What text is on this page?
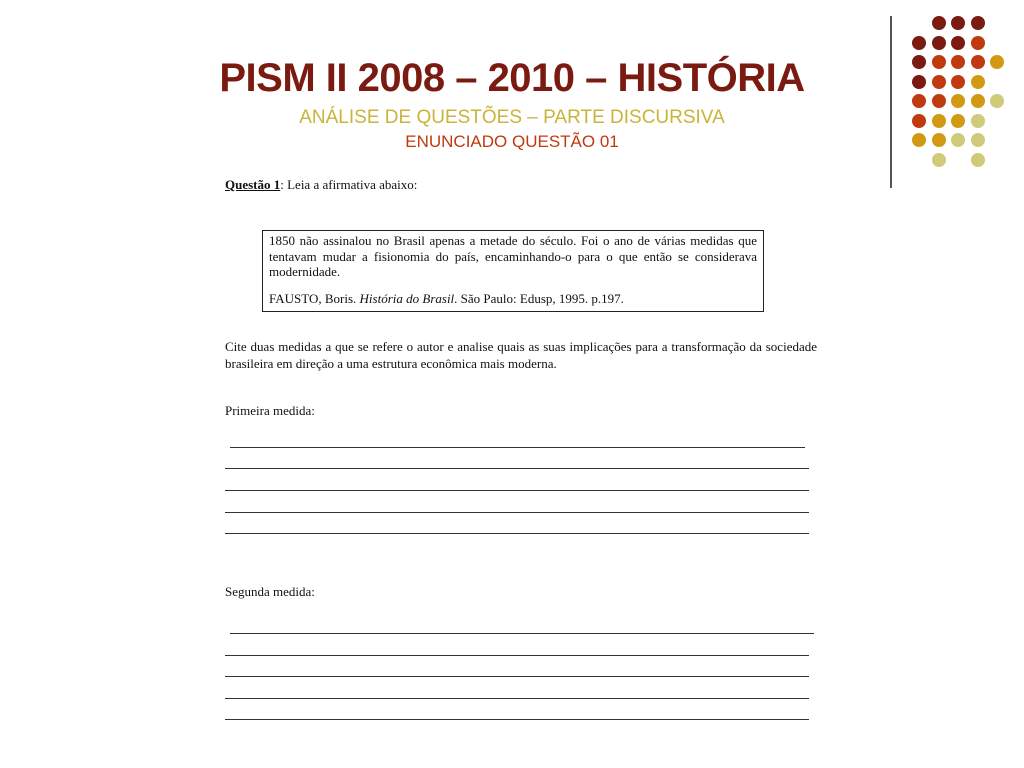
PISM II 2008 – 2010 – HISTÓRIA
ANÁLISE DE QUESTÕES – PARTE DISCURSIVA
ENUNCIADO QUESTÃO 01
Questão 1: Leia a afirmativa abaixo:
1850 não assinalou no Brasil apenas a metade do século. Foi o ano de várias medidas que tentavam mudar a fisionomia do país, encaminhando-o para o que então se considerava modernidade.
FAUSTO, Boris. História do Brasil. São Paulo: Edusp, 1995. p.197.
Cite duas medidas a que se refere o autor e analise quais as suas implicações para a transformação da sociedade brasileira em direção a uma estrutura econômica mais moderna.
Primeira medida:
Segunda medida:
